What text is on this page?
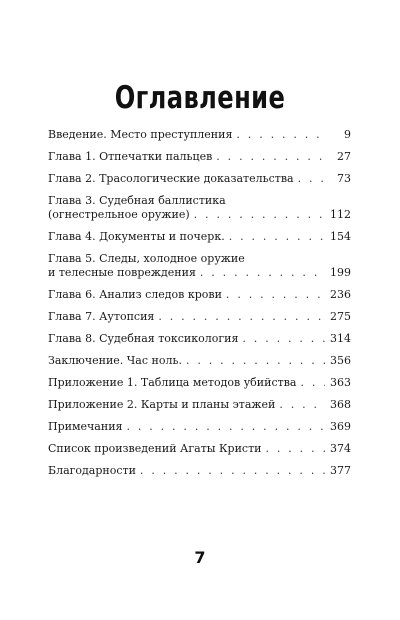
Оглавление
Введение. Место преступления . . .	9
Глава 1. Отпечатки пальцев . . .	27
Глава 2. Трасологические доказательства . . .	73
Глава 3. Судебная баллистика
(огнестрельное оружие) . . .	112
Глава 4. Документы и почерк. . . .	154
Глава 5. Следы, холодное оружие
и телесные повреждения . . .	199
Глава 6. Анализ следов крови . . .	236
Глава 7. Аутопсия . . .	275
Глава 8. Судебная токсикология . . .	314
Заключение. Час ноль. . . .	356
Приложение 1. Таблица методов убийства . . .	363
Приложение 2. Карты и планы этажей . . .	368
Примечания . . .	369
Список произведений Агаты Кристи . . .	374
Благодарности . . .	377
7
